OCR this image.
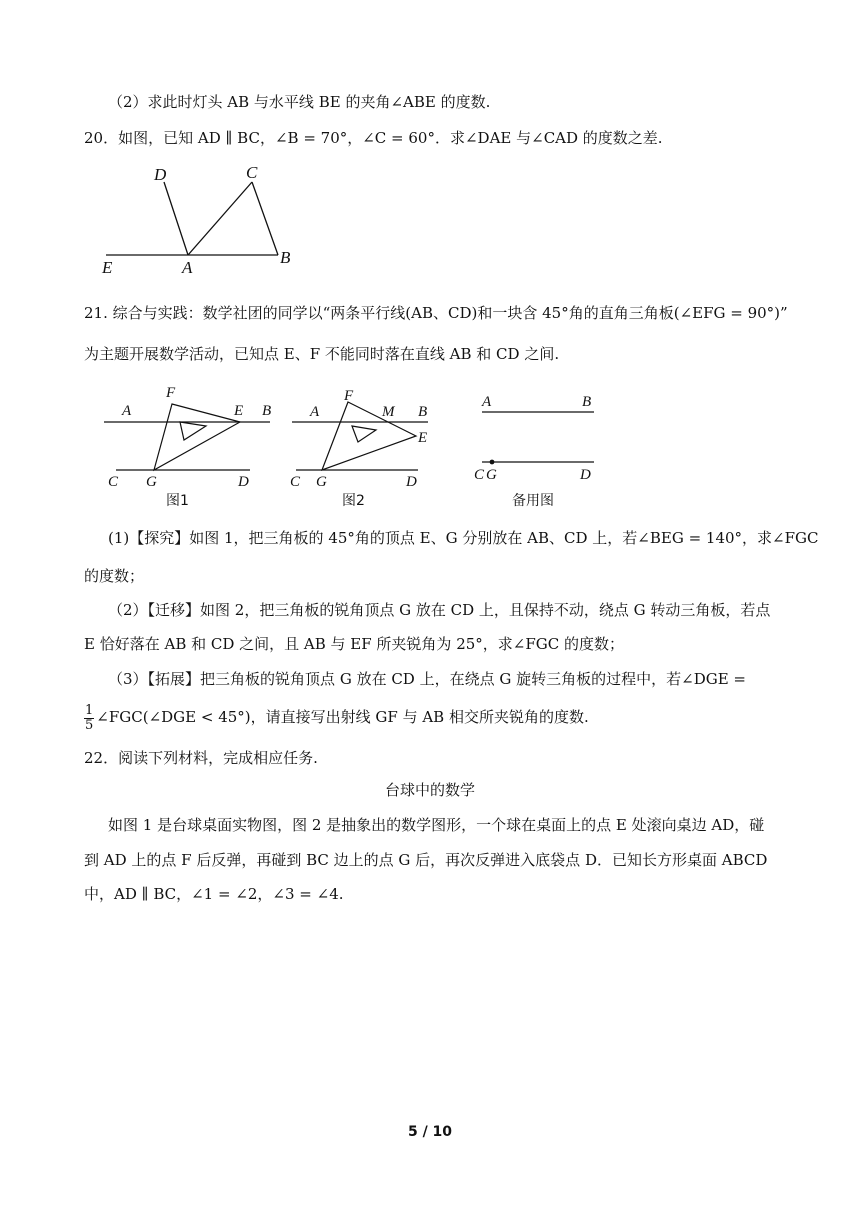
（2）求此时灯头 AB 与水平线 BE 的夹角∠ABE 的度数.
20．如图，已知 AD ∥ BC，∠B = 70°，∠C = 60°．求∠DAE 与∠CAD 的度数之差.
D	C
E	A
B
21. 综合与实践：数学社团的同学以“两条平行线(AB、CD)和一块含 45°角的直角三角板(∠EFG = 90°)”
为主题开展数学活动，已知点 E、F 不能同时落在直线 AB 和 CD 之间.
F
A	E B
C G	D
图1
F
A	M B
E
C G	D
图2
A	B
C G	D
备用图
(1)【探究】如图 1，把三角板的 45°角的顶点 E、G 分别放在 AB、CD 上，若∠BEG = 140°，求∠FGC
的度数；
（2）【迁移】如图 2，把三角板的锐角顶点 G 放在 CD 上，且保持不动，绕点 G 转动三角板，若点
E 恰好落在 AB 和 CD 之间，且 AB 与 EF 所夹锐角为 25°，求∠FGC 的度数；
（3）【拓展】把三角板的锐角顶点 G 放在 CD 上，在绕点 G 旋转三角板的过程中，若∠DGE =
$\frac{1}{5}$ ∠FGC(∠DGE < 45°)，请直接写出射线 GF 与 AB 相交所夹锐角的度数.
22．阅读下列材料，完成相应任务.
台球中的数学
如图 1 是台球桌面实物图，图 2 是抽象出的数学图形，一个球在桌面上的点 E 处滚向桌边 AD，碰
到 AD 上的点 F 后反弹，再碰到 BC 边上的点 G 后，再次反弹进入底袋点 D．已知长方形桌面 ABCD
中，AD ∥ BC，∠1 = ∠2，∠3 = ∠4.
5 / 10
